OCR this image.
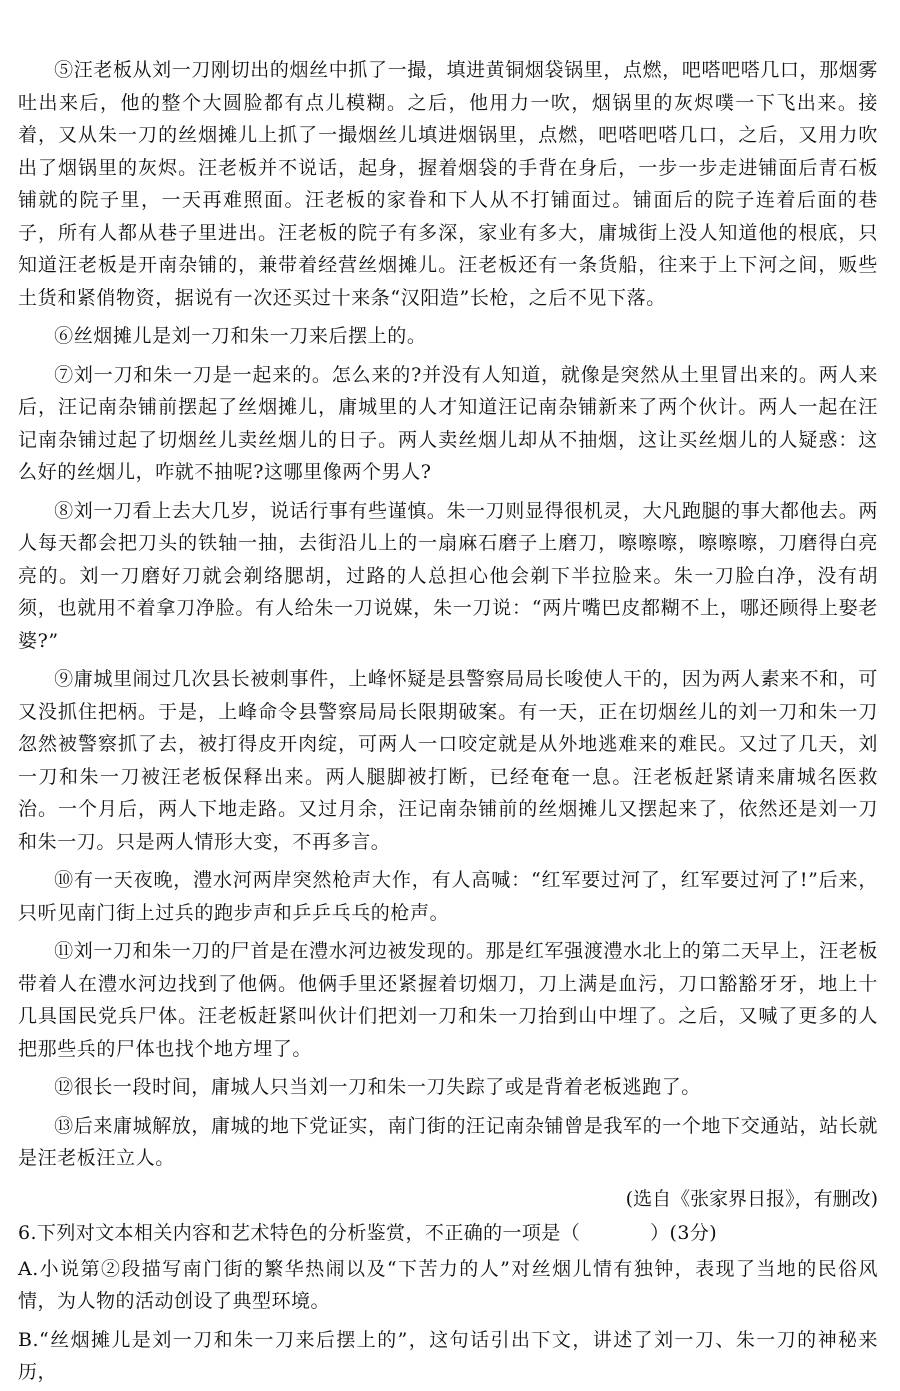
⑤汪老板从刘一刀刚切出的烟丝中抓了一撮，填进黄铜烟袋锅里，点燃，吧嗒吧嗒几口，那烟雾吐出来后，他的整个大圆脸都有点儿模糊。之后，他用力一吹，烟锅里的灰烬噗一下飞出来。接着，又从朱一刀的丝烟摊儿上抓了一撮烟丝儿填进烟锅里，点燃，吧嗒吧嗒几口，之后，又用力吹出了烟锅里的灰烬。汪老板并不说话，起身，握着烟袋的手背在身后，一步一步走进铺面后青石板铺就的院子里，一天再难照面。汪老板的家眷和下人从不打铺面过。铺面后的院子连着后面的巷子，所有人都从巷子里进出。汪老板的院子有多深，家业有多大，庸城街上没人知道他的根底，只知道汪老板是开南杂铺的，兼带着经营丝烟摊儿。汪老板还有一条货船，往来于上下河之间，贩些土货和紧俏物资，据说有一次还买过十来条“汉阳造”长枪，之后不见下落。

⑥丝烟摊儿是刘一刀和朱一刀来后摆上的。

⑦刘一刀和朱一刀是一起来的。怎么来的?并没有人知道，就像是突然从土里冒出来的。两人来后，汪记南杂铺前摆起了丝烟摊儿，庸城里的人才知道汪记南杂铺新来了两个伙计。两人一起在汪记南杂铺过起了切烟丝儿卖丝烟儿的日子。两人卖丝烟儿却从不抽烟，这让买丝烟儿的人疑惑：这么好的丝烟儿，咋就不抽呢?这哪里像两个男人?

⑧刘一刀看上去大几岁，说话行事有些谨慎。朱一刀则显得很机灵，大凡跑腿的事大都他去。两人每天都会把刀头的铁轴一抽，去街沿儿上的一扇麻石磨子上磨刀，嚓嚓嚓，嚓嚓嚓，刀磨得白亮亮的。刘一刀磨好刀就会剃络腮胡，过路的人总担心他会剃下半拉脸来。朱一刀脸白净，没有胡须，也就用不着拿刀净脸。有人给朱一刀说媒，朱一刀说：“两片嘴巴皮都糊不上，哪还顾得上娶老婆?”

⑨庸城里闹过几次县长被刺事件，上峰怀疑是县警察局局长唆使人干的，因为两人素来不和，可又没抓住把柄。于是，上峰命令县警察局局长限期破案。有一天，正在切烟丝儿的刘一刀和朱一刀忽然被警察抓了去，被打得皮开肉绽，可两人一口咬定就是从外地逃难来的难民。又过了几天，刘一刀和朱一刀被汪老板保释出来。两人腿脚被打断，已经奄奄一息。汪老板赶紧请来庸城名医救治。一个月后，两人下地走路。又过月余，汪记南杂铺前的丝烟摊儿又摆起来了，依然还是刘一刀和朱一刀。只是两人情形大变，不再多言。

⑩有一天夜晚，澧水河两岸突然枪声大作，有人高喊：“红军要过河了，红军要过河了!”后来，只听见南门街上过兵的跑步声和乒乒乓乓的枪声。

⑪刘一刀和朱一刀的尸首是在澧水河边被发现的。那是红军强渡澧水北上的第二天早上，汪老板带着人在澧水河边找到了他俩。他俩手里还紧握着切烟刀，刀上满是血污，刀口豁豁牙牙，地上十几具国民党兵尸体。汪老板赶紧叫伙计们把刘一刀和朱一刀抬到山中埋了。之后，又喊了更多的人把那些兵的尸体也找个地方埋了。

⑫很长一段时间，庸城人只当刘一刀和朱一刀失踪了或是背着老板逃跑了。

⑬后来庸城解放，庸城的地下党证实，南门街的汪记南杂铺曾是我军的一个地下交通站，站长就是汪老板汪立人。

(选自《张家界日报》，有删改)
6.下列对文本相关内容和艺术特色的分析鉴赏，不正确的一项是（	）(3分)
A.小说第②段描写南门街的繁华热闹以及“下苦力的人”对丝烟儿情有独钟，表现了当地的民俗风情，为人物的活动创设了典型环境。
B.“丝烟摊儿是刘一刀和朱一刀来后摆上的”，这句话引出下文，讲述了刘一刀、朱一刀的神秘来历，
